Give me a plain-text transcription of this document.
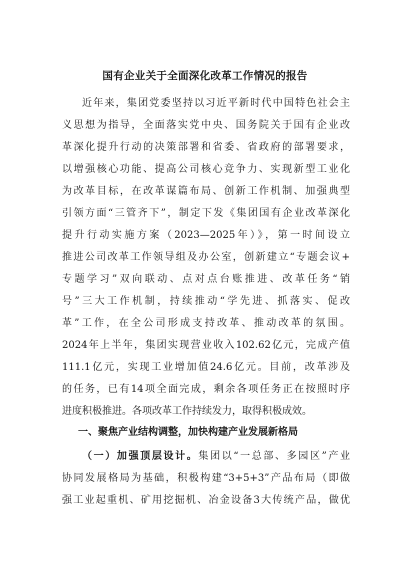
国有企业关于全面深化改革工作情况的报告
近年来，集团党委坚持以习近平新时代中国特色社会主
义思想为指导，全面落实党中央、国务院关于国有企业改
革深化提升行动的决策部署和省委、省政府的部署要求，
以增强核心功能、提高公司核心竞争力、实现新型工业化
为改革目标，在改革谋篇布局、创新工作机制、加强典型
引领方面“三管齐下”，制定下发《集团国有企业改革深化
提升行动实施方案（2023—2025年）》，第一时间设立
推进公司改革工作领导组及办公室，创新建立“专题会议+
专题学习”双向联动、点对点台账推进、改革任务“销
号”三大工作机制，持续推动“学先进、抓落实、促改
革”工作，在全公司形成支持改革、推动改革的氛围。
2024年上半年，集团实现营业收入102.62亿元，完成产值
111.1亿元，实现工业增加值24.6亿元。目前，改革涉及
的任务，已有14项全面完成，剩余各项任务正在按照时序
进度积极推进。各项改革工作持续发力，取得积极成效。
一、聚焦产业结构调整，加快构建产业发展新格局
（一）加强顶层设计。集团以“一总部、多园区”产业
协同发展格局为基础，积极构建“3+5+3”产品布局（即做
强工业起重机、矿用挖掘机、冶金设备3大传统产品，做优
